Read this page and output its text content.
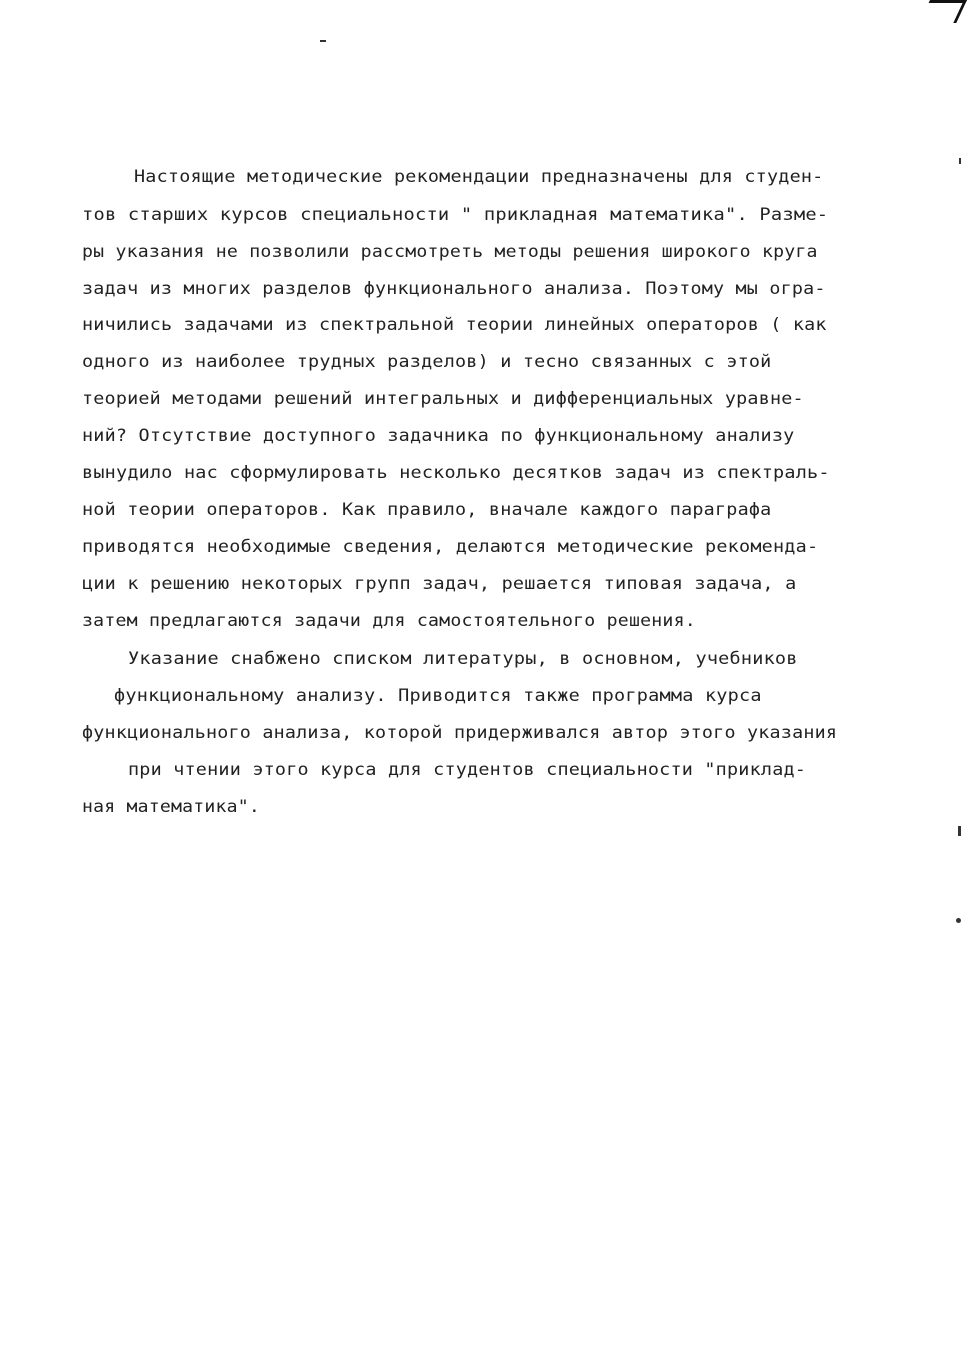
Настоящие методические рекомендации предназначены для студен-
тов старших курсов специальности " прикладная математика". Разме-
ры указания не позволили рассмотреть методы решения широкого круга
задач из многих разделов функционального анализа. Поэтому мы огра-
ничились задачами из спектральной теории линейных операторов ( как
одного из наиболее трудных разделов) и тесно связанных с этой
теорией методами решений интегральных и дифференциальных уравне-
ний? Отсутствие доступного задачника по функциональному анализу
вынудило нас сформулировать несколько десятков задач из спектраль-
ной теории операторов. Как правило, вначале каждого параграфа
приводятся необходимые сведения, делаются методические рекоменда-
ции к решению некоторых групп задач, решается типовая задача, а
затем предлагаются задачи для самостоятельного решения.
Указание снабжено списком литературы, в основном, учебников
функциональному анализу. Приводится также программа курса
функционального анализа, которой придерживался автор этого указания
при чтении этого курса для студентов специальности "приклад-
ная математика".
